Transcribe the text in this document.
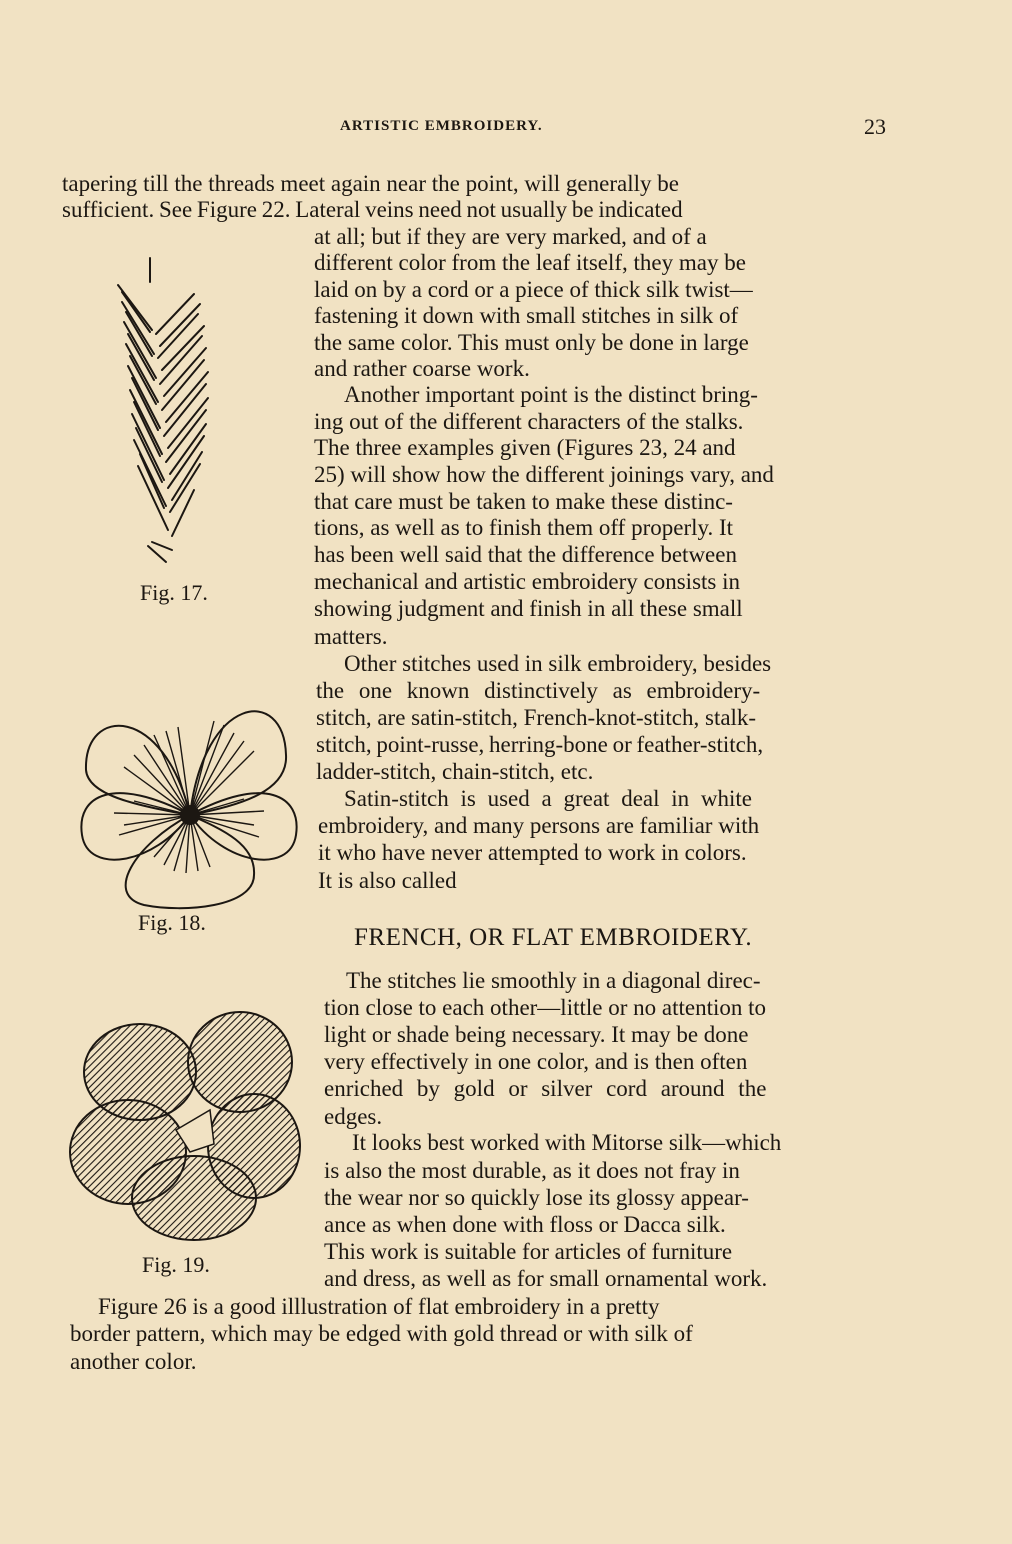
ARTISTIC EMBROIDERY.	23
tapering till the threads meet again near the point, will generally be
sufficient. See Figure 22. Lateral veins need not usually be indicated
at all; but if they are very marked, and of a
different color from the leaf itself, they may be
laid on by a cord or a piece of thick silk twist—
fastening it down with small stitches in silk of
the same color. This must only be done in large
and rather coarse work.
Another important point is the distinct bring-
ing out of the different characters of the stalks.
The three examples given (Figures 23, 24 and
25) will show how the different joinings vary, and
that care must be taken to make these distinc-
tions, as well as to finish them off properly. It
has been well said that the difference between
mechanical and artistic embroidery consists in
showing judgment and finish in all these small
matters.
Other stitches used in silk embroidery, besides
the one known distinctively as embroidery-
stitch, are satin-stitch, French-knot-stitch, stalk-
stitch, point-russe, herring-bone or feather-stitch,
ladder-stitch, chain-stitch, etc.
Satin-stitch is used a great deal in white
embroidery, and many persons are familiar with
it who have never attempted to work in colors.
It is also called
FRENCH, OR FLAT EMBROIDERY.
The stitches lie smoothly in a diagonal direc-
tion close to each other—little or no attention to
light or shade being necessary. It may be done
very effectively in one color, and is then often
enriched by gold or silver cord around the
edges.
It looks best worked with Mitorse silk—which
is also the most durable, as it does not fray in
the wear nor so quickly lose its glossy appear-
ance as when done with floss or Dacca silk.
This work is suitable for articles of furniture
and dress, as well as for small ornamental work.
Figure 26 is a good illlustration of flat embroidery in a pretty
border pattern, which may be edged with gold thread or with silk of
another color.
Fig. 17.
Fig. 18.
Fig. 19.
